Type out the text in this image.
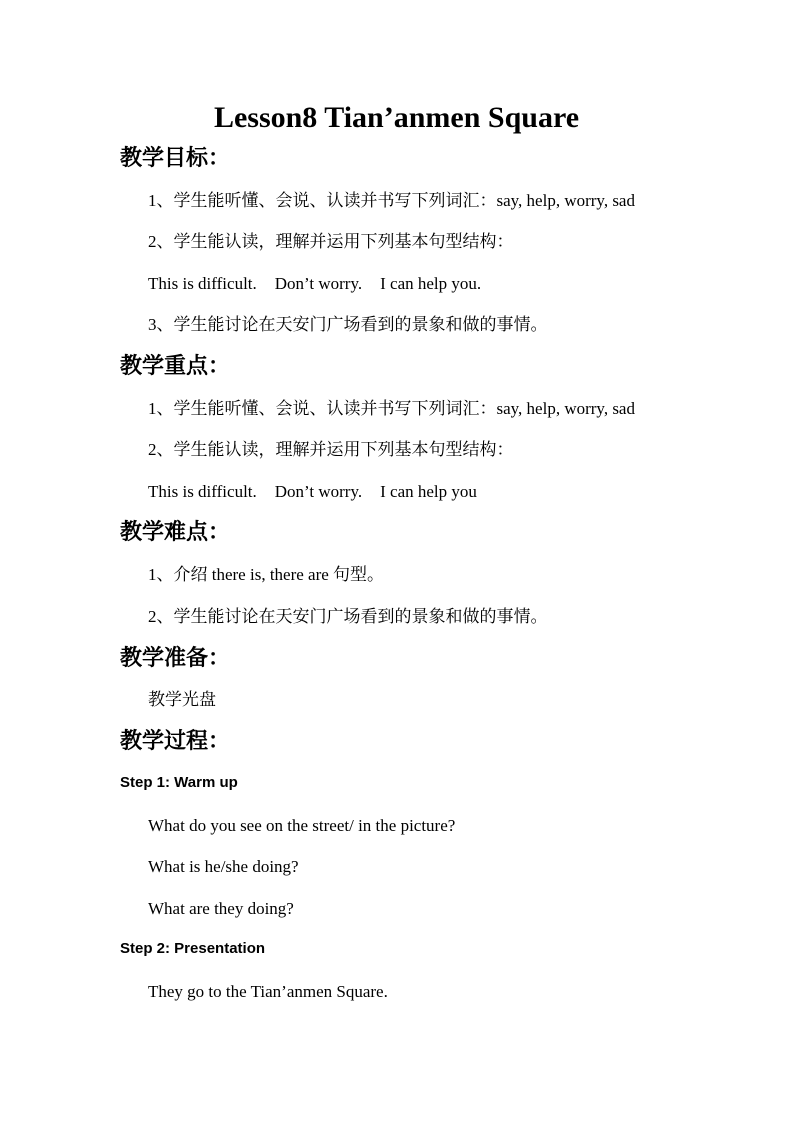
Lesson8 Tian’anmen Square
教学目标：
1、学生能听懂、会说、认读并书写下列词汇：say, help, worry, sad
2、学生能认读，理解并运用下列基本句型结构：
This is difficult. Don’t worry. I can help you.
3、学生能讨论在天安门广场看到的景象和做的事情。
教学重点：
1、学生能听懂、会说、认读并书写下列词汇：say, help, worry, sad
2、学生能认读，理解并运用下列基本句型结构：
This is difficult. Don’t worry. I can help you
教学难点：
1、介绍 there is, there are 句型。
2、学生能讨论在天安门广场看到的景象和做的事情。
教学准备：
教学光盘
教学过程：
Step 1: Warm up
What do you see on the street/ in the picture?
What is he/she doing?
What are they doing?
Step 2: Presentation
They go to the Tian’anmen Square.
